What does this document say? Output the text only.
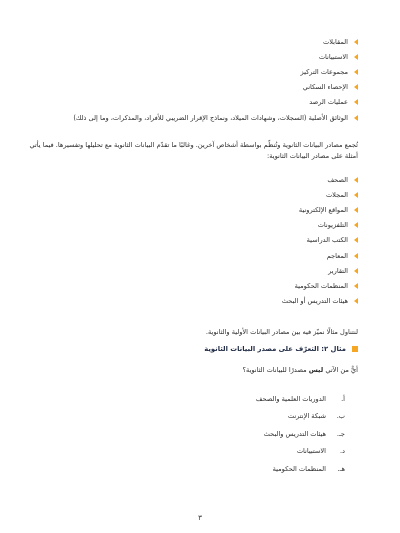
المقابلات
الاستبيانات
مجموعات التركيز
الإحصاء السكاني
عمليات الرصد
الوثائق الأصلية (السجلات، وشهادات الميلاد، ونماذج الإقرار الضريبي للأفراد، والمذكرات، وما إلى ذلك)

تُجمع مصادر البيانات الثانوية وتُنظّم بواسطة أشخاص آخرين. وغالبًا ما تقدّم البيانات الثانوية مع تحليلها وتفسيرها. فيما يأتي أمثلة على مصادر البيانات الثانوية:

الصحف
المجلات
المواقع الإلكترونية
التلفزيونات
الكتب الدراسية
المعاجم
التقارير
المنظمات الحكومية
هيئات التدريس أو البحث

لنتناول مثالًا نميّز فيه بين مصادر البيانات الأولية والثانوية.

مثال ٢: التعرّف على مصدر البيانات الثانوية
أيٌّ من الآتي ليس مصدرًا للبيانات الثانوية؟
أ.
الدوريات العلمية والصحف
ب.
شبكة الإنترنت
جـ.
هيئات التدريس والبحث
د.
الاستبيانات
هـ.
المنظمات الحكومية
٣
